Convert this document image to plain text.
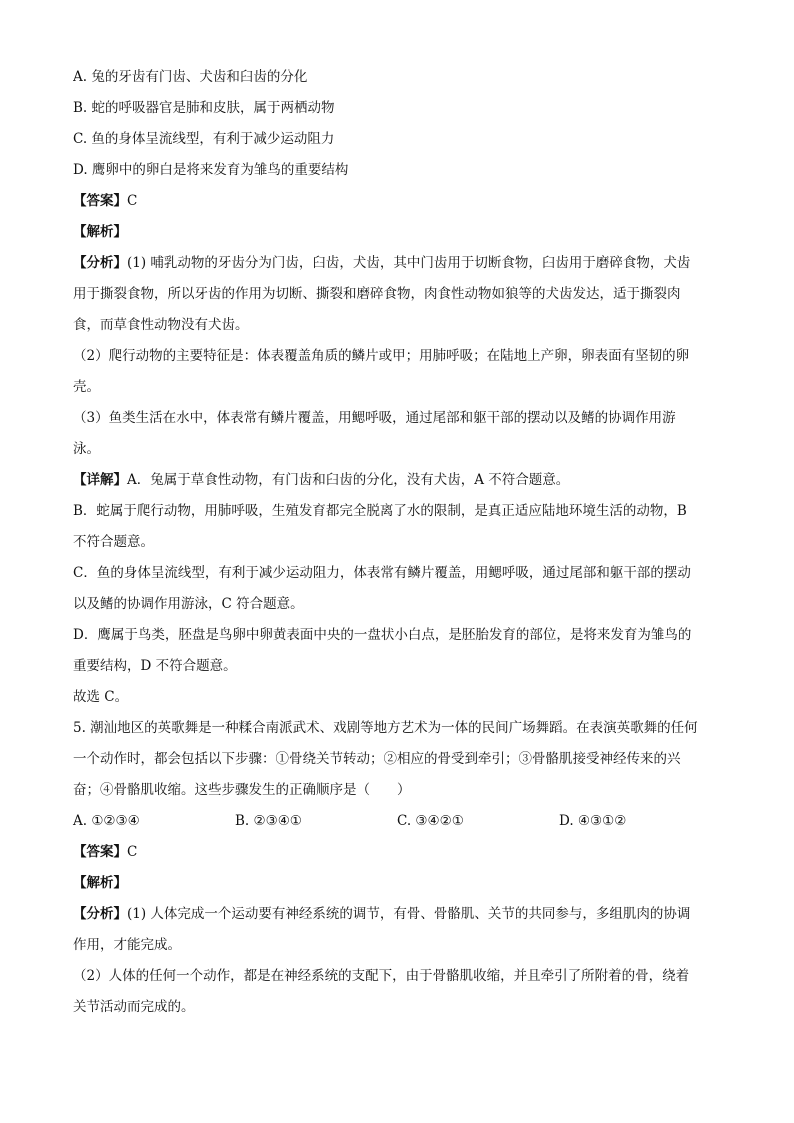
A. 兔的牙齿有门齿、犬齿和臼齿的分化
B. 蛇的呼吸器官是肺和皮肤，属于两栖动物
C. 鱼的身体呈流线型，有利于减少运动阻力
D. 鹰卵中的卵白是将来发育为雏鸟的重要结构
【答案】C
【解析】
【分析】(1) 哺乳动物的牙齿分为门齿，臼齿，犬齿，其中门齿用于切断食物，臼齿用于磨碎食物，犬齿
用于撕裂食物，所以牙齿的作用为切断、撕裂和磨碎食物，肉食性动物如狼等的犬齿发达，适于撕裂肉
食，而草食性动物没有犬齿。
（2）爬行动物的主要特征是：体表覆盖角质的鳞片或甲；用肺呼吸；在陆地上产卵，卵表面有坚韧的卵
壳。
（3）鱼类生活在水中，体表常有鳞片覆盖，用鳃呼吸，通过尾部和躯干部的摆动以及鳍的协调作用游
泳。
【详解】A．兔属于草食性动物，有门齿和臼齿的分化，没有犬齿，A 不符合题意。
B．蛇属于爬行动物，用肺呼吸，生殖发育都完全脱离了水的限制，是真正适应陆地环境生活的动物，B
不符合题意。
C．鱼的身体呈流线型，有利于减少运动阻力，体表常有鳞片覆盖，用鳃呼吸，通过尾部和躯干部的摆动
以及鳍的协调作用游泳，C 符合题意。
D．鹰属于鸟类，胚盘是鸟卵中卵黄表面中央的一盘状小白点，是胚胎发育的部位，是将来发育为雏鸟的
重要结构，D 不符合题意。
故选 C。
5. 潮汕地区的英歌舞是一种糅合南派武术、戏剧等地方艺术为一体的民间广场舞蹈。在表演英歌舞的任何
一个动作时，都会包括以下步骤：①骨绕关节转动；②相应的骨受到牵引；③骨骼肌接受神经传来的兴
奋；④骨骼肌收缩。这些步骤发生的正确顺序是（　　）
A. ①②③④	B. ②③④①	C. ③④②①	D. ④③①②
【答案】C
【解析】
【分析】(1) 人体完成一个运动要有神经系统的调节，有骨、骨骼肌、关节的共同参与，多组肌肉的协调
作用，才能完成。
（2）人体的任何一个动作，都是在神经系统的支配下，由于骨骼肌收缩，并且牵引了所附着的骨，绕着
关节活动而完成的。
